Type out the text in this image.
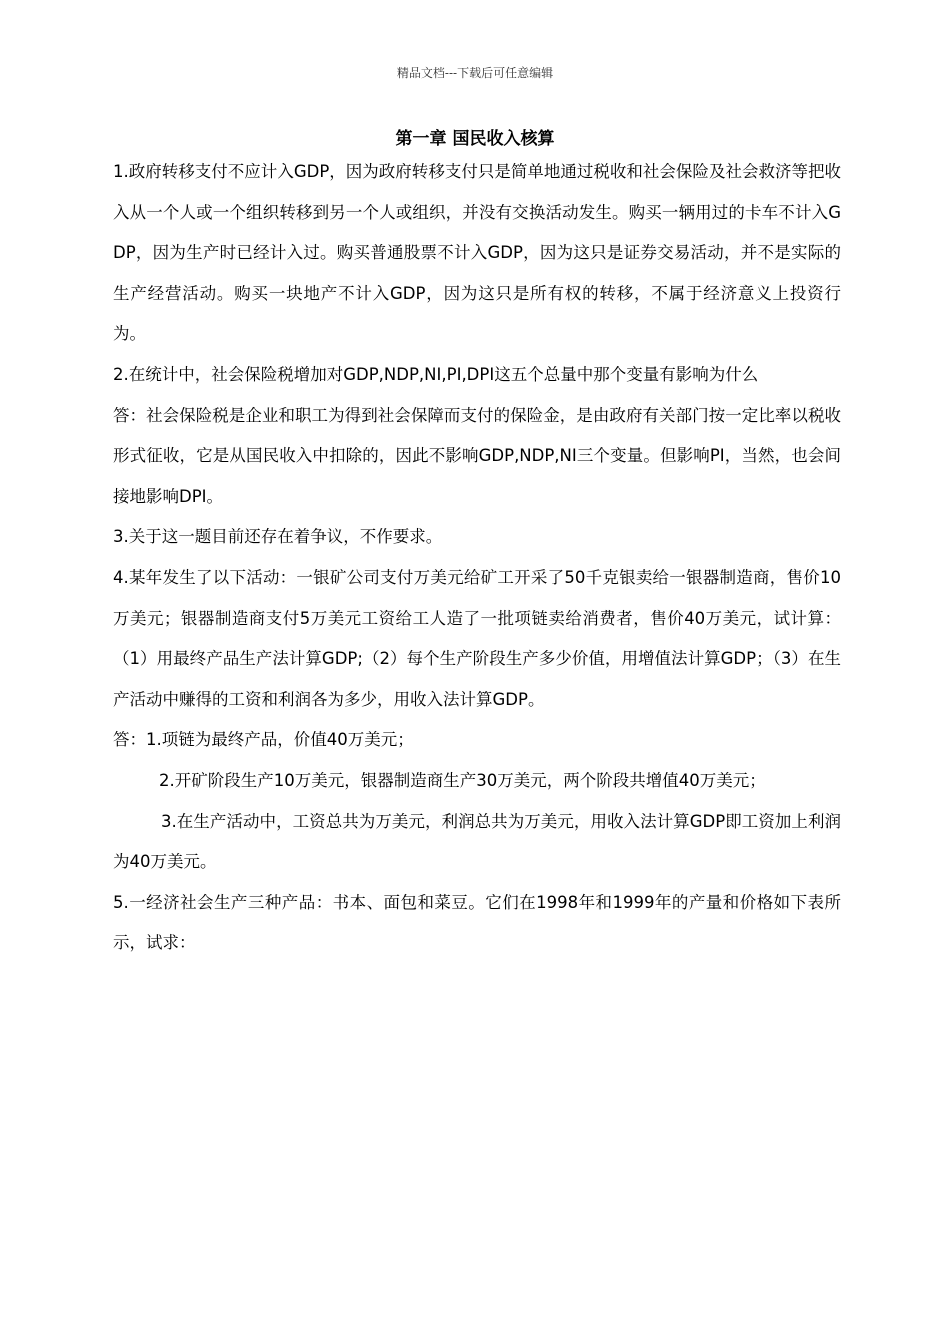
精品文档---下载后可任意编辑
第一章 国民收入核算

1.政府转移支付不应计入GDP，因为政府转移支付只是简单地通过税收和社会保险及社会救济等把收入从一个人或一个组织转移到另一个人或组织，并没有交换活动发生。购买一辆用过的卡车不计入GDP，因为生产时已经计入过。购买普通股票不计入GDP，因为这只是证券交易活动，并不是实际的生产经营活动。购买一块地产不计入GDP，因为这只是所有权的转移，不属于经济意义上投资行为。

2.在统计中，社会保险税增加对GDP,NDP,NI,PI,DPI这五个总量中那个变量有影响为什么

答：社会保险税是企业和职工为得到社会保障而支付的保险金，是由政府有关部门按一定比率以税收形式征收，它是从国民收入中扣除的，因此不影响GDP,NDP,NI三个变量。但影响PI，当然，也会间接地影响DPI。

3.关于这一题目前还存在着争议，不作要求。

4.某年发生了以下活动：一银矿公司支付万美元给矿工开采了50千克银卖给一银器制造商，售价10万美元；银器制造商支付5万美元工资给工人造了一批项链卖给消费者，售价40万美元，试计算：（1）用最终产品生产法计算GDP;（2）每个生产阶段生产多少价值，用增值法计算GDP；（3）在生产活动中赚得的工资和利润各为多少，用收入法计算GDP。

答：1.项链为最终产品，价值40万美元；

2.开矿阶段生产10万美元，银器制造商生产30万美元，两个阶段共增值40万美元；

3.在生产活动中，工资总共为万美元，利润总共为万美元，用收入法计算GDP即工资加上利润为40万美元。

5.一经济社会生产三种产品：书本、面包和菜豆。它们在1998年和1999年的产量和价格如下表所示，试求：
